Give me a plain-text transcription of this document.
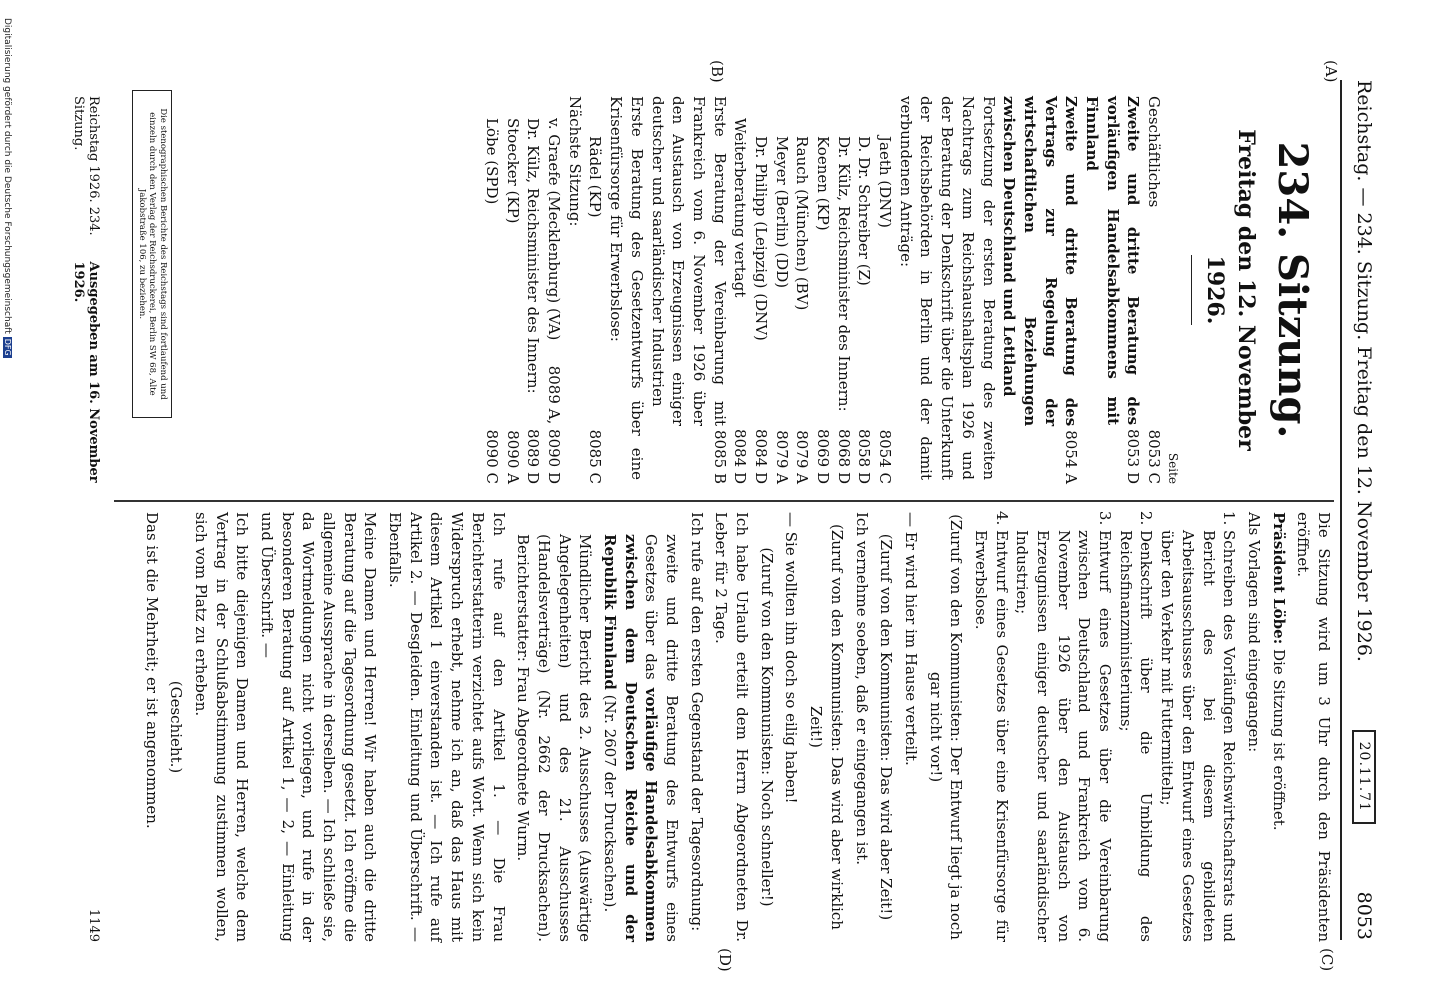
Reichstag. — 234. Sitzung. Freitag den 12. November 1926.
20.11.71
8053
(A)
(B)
(C)
(D)
234. Sitzung.
Freitag den 12. November 1926.
Seite
Geschäftliches
8053 C
Zweite und dritte Beratung des vorläufigen Handelsabkommens mit Finnland
8053 D
Zweite und dritte Beratung des Vertrags zur Regelung der wirtschaftlichen Beziehungen zwischen Deutschland und Lettland
8054 A
Fortsetzung der ersten Beratung des zweiten Nachtrags zum Reichshaushaltsplan 1926 und der Beratung der Denkschrift über die Unterkunft der Reichsbehörden in Berlin und der damit verbundenen Anträge:
Jaeth (DNV)
8054 C
D. Dr. Schreiber (Z)
8058 D
Dr. Külz, Reichsminister des Innern:
8068 D
Koenen (KP)
8069 D
Rauch (München) (BV)
8079 A
Meyer (Berlin) (DD)
8079 A
Dr. Philipp (Leipzig) (DNV)
8084 D
Weiterberatung vertagt
8084 D
Erste Beratung der Vereinbarung mit Frankreich vom 6. November 1926 über den Austausch von Erzeugnissen einiger deutscher und saarländischer Industrien
8085 B
Erste Beratung des Gesetzentwurfs über eine Krisenfürsorge für Erwerbslose:
Rädel (KP)
8085 C
Nächste Sitzung:
v. Graefe (Mecklenburg) (VA)
8089 A, 8090 D
Dr. Külz, Reichsminister des Innern:
8089 D
Stoecker (KP)
8090 A
Löbe (SPD)
8090 C
Die stenographischen Berichte des Reichstags sind fortlaufend und einzeln durch den Verlag der Reichsdruckerei, Berlin SW 68, Alte Jakobstraße 106, zu beziehen.
Reichstag 1926. 234. Sitzung.
Ausgegeben am 16. November 1926.

Die Sitzung wird um 3 Uhr durch den Präsidenten eröffnet.

Präsident Löbe: Die Sitzung ist eröffnet.

Als Vorlagen sind eingegangen:

1. Schreiben des Vorläufigen Reichswirtschaftsrats und Bericht des bei diesem gebildeten Arbeitsausschusses über den Entwurf eines Gesetzes über den Verkehr mit Futtermitteln;
2. Denkschrift über die Umbildung des Reichsfinanzministeriums;
3. Entwurf eines Gesetzes über die Vereinbarung zwischen Deutschland und Frankreich vom 6. November 1926 über den Austausch von Erzeugnissen einiger deutscher und saarländischer Industrien;
4. Entwurf eines Gesetzes über eine Krisenfürsorge für Erwerbslose.

(Zuruf von den Kommunisten: Der Entwurf liegt ja noch gar nicht vor!)

— Er wird hier im Hause verteilt.

(Zuruf von den Kommunisten: Das wird aber Zeit!)

Ich vernehme soeben, daß er eingegangen ist.

(Zuruf von den Kommunisten: Das wird aber wirklich Zeit!)

— Sie wollten ihn doch so eilig haben!

(Zuruf von den Kommunisten: Noch schneller!)

Ich habe Urlaub erteilt dem Herrn Abgeordneten Dr. Leber für 2 Tage.

Ich rufe auf den ersten Gegenstand der Tagesordnung:

zweite und dritte Beratung des Entwurfs eines Gesetzes über das vorläufige Handelsabkommen zwischen dem Deutschen Reiche und der Republik Finnland (Nr. 2607 der Drucksachen).

Mündlicher Bericht des 2. Ausschusses (Auswärtige Angelegenheiten) und des 21. Ausschusses (Handelsverträge) (Nr. 2662 der Drucksachen). Berichterstatter: Frau Abgeordnete Wurm.

Ich rufe auf den Artikel 1. — Die Frau Berichterstatterin verzichtet aufs Wort. Wenn sich kein Widerspruch erhebt, nehme ich an, daß das Haus mit diesem Artikel 1 einverstanden ist. — Ich rufe auf Artikel 2. — Desgleiden. Einleitung und Überschrift. — Ebenfalls.

Meine Damen und Herren! Wir haben auch die dritte Beratung auf die Tagesordnung gesetzt. Ich eröffne die allgemeine Aussprache in derselben. — Ich schließe sie, da Wortmeldungen nicht vorliegen, und rufe in der besonderen Beratung auf Artikel 1, — 2, — Einleitung und Überschrift. —

Ich bitte diejenigen Damen und Herren, welche dem Vertrag in der Schlußabstimmung zustimmen wollen, sich vom Platz zu erheben.

(Geschieht.)

Das ist die Mehrheit; er ist angenommen.

1149
Digitalisierung gefördert durch die Deutsche ForschungsgemeinschaftDFG
